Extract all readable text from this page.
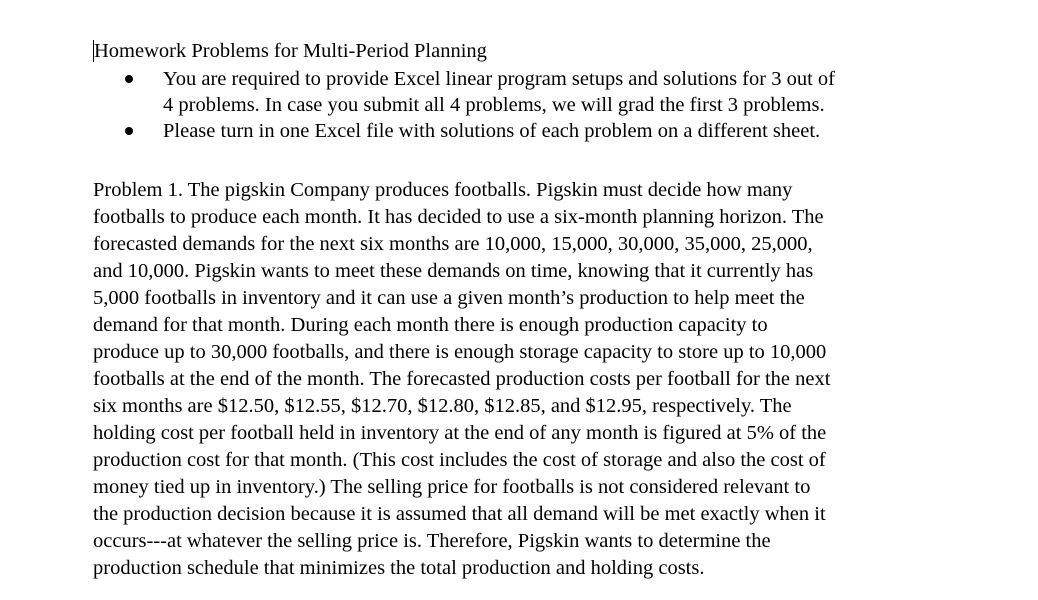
Homework Problems for Multi-Period Planning
You are required to provide Excel linear program setups and solutions for 3 out of
4 problems. In case you submit all 4 problems, we will grad the first 3 problems.
Please turn in one Excel file with solutions of each problem on a different sheet.
Problem 1. The pigskin Company produces footballs. Pigskin must decide how many
footballs to produce each month. It has decided to use a six-month planning horizon. The
forecasted demands for the next six months are 10,000, 15,000, 30,000, 35,000, 25,000,
and 10,000. Pigskin wants to meet these demands on time, knowing that it currently has
5,000 footballs in inventory and it can use a given month’s production to help meet the
demand for that month. During each month there is enough production capacity to
produce up to 30,000 footballs, and there is enough storage capacity to store up to 10,000
footballs at the end of the month. The forecasted production costs per football for the next
six months are $12.50, $12.55, $12.70, $12.80, $12.85, and $12.95, respectively. The
holding cost per football held in inventory at the end of any month is figured at 5% of the
production cost for that month. (This cost includes the cost of storage and also the cost of
money tied up in inventory.) The selling price for footballs is not considered relevant to
the production decision because it is assumed that all demand will be met exactly when it
occurs---at whatever the selling price is. Therefore, Pigskin wants to determine the
production schedule that minimizes the total production and holding costs.
